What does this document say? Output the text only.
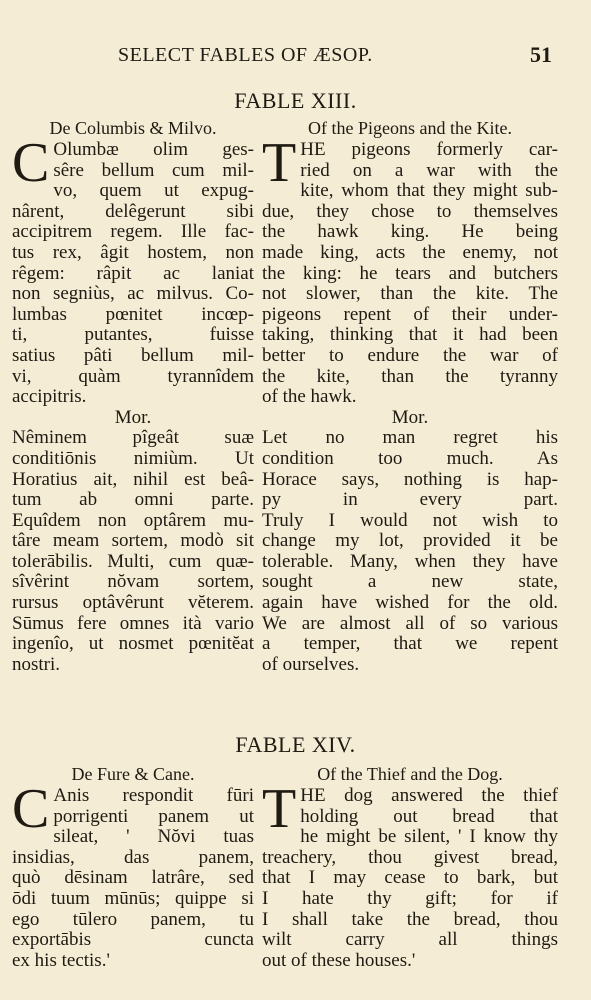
SELECT FABLES OF ÆSOP.	51
FABLE XIII.
De Columbis & Milvo.
C Olumbæ olim ges-
sêre bellum cum mil-
vo, quem ut expug-
nârent, delêgerunt sibi
accipitrem regem. Ille fac-
tus rex, âgit hostem, non
rêgem: râpit ac laniat
non segniùs, ac milvus. Co-
lumbas pœnitet incœp-
ti, putantes, fuisse
satius pâti bellum mil-
vi, quàm tyrannîdem
accipitris.
Mor.
Nêminem pîgeât suæ
conditiōnis nimiùm. Ut
Horatius ait, nihil est beâ-
tum ab omni parte.
Equîdem non optârem mu-
târe meam sortem, modò sit
tolerābilis. Multi, cum quæ-
sîvêrint nŏvam sortem,
rursus optâvêrunt vĕterem.
Sūmus fere omnes ità vario
ingenîo, ut nosmet pœnitĕat
nostri.
Of the Pigeons and the Kite.
T HE pigeons formerly car-
ried on a war with the
kite, whom that they might sub-
due, they chose to themselves
the hawk king. He being
made king, acts the enemy, not
the king: he tears and butchers
not slower, than the kite. The
pigeons repent of their under-
taking, thinking that it had been
better to endure the war of
the kite, than the tyranny
of the hawk.
Mor.
Let no man regret his
condition too much. As
Horace says, nothing is hap-
py in every part.
Truly I would not wish to
change my lot, provided it be
tolerable. Many, when they have
sought a new state,
again have wished for the old.
We are almost all of so various
a temper, that we repent
of ourselves.
FABLE XIV.
De Fure & Cane.
C Anis respondit fūri
porrigenti panem ut
sileat, ' Nŏvi tuas
insidias, das panem,
quò dēsinam latrâre, sed
ōdi tuum mūnūs; quippe si
ego tūlero panem, tu
exportābis cuncta
ex his tectis.'
Of the Thief and the Dog.
T HE dog answered the thief
holding out bread that
he might be silent, ' I know thy
treachery, thou givest bread,
that I may cease to bark, but
I hate thy gift; for if
I shall take the bread, thou
wilt carry all things
out of these houses.'
